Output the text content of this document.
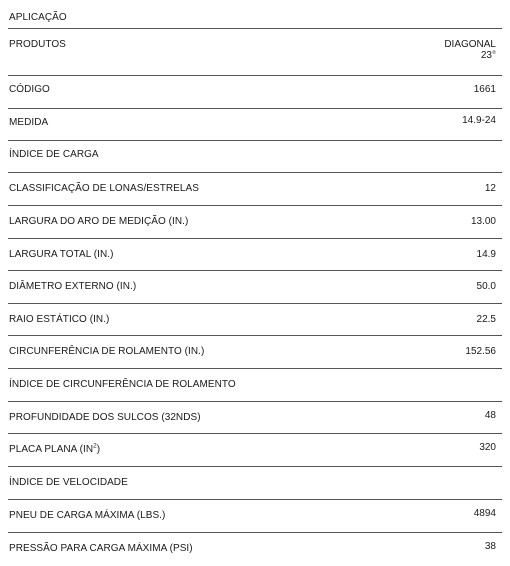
APLICAÇÃO
PRODUTOS	DIAGONAL
23°
CÓDIGO	1661
MEDIDA	14.9-24
ÍNDICE DE CARGA
CLASSIFICAÇÃO DE LONAS/ESTRELAS	12
LARGURA DO ARO DE MEDIÇÃO (IN.)	13.00
LARGURA TOTAL (IN.)	14.9
DIÂMETRO EXTERNO (IN.)	50.0
RAIO ESTÁTICO (IN.)	22.5
CIRCUNFERÊNCIA DE ROLAMENTO (IN.)	152.56
ÍNDICE DE CIRCUNFERÊNCIA DE ROLAMENTO
PROFUNDIDADE DOS SULCOS (32NDS)	48
PLACA PLANA $(IN^2)$	320
ÍNDICE DE VELOCIDADE
PNEU DE CARGA MÁXIMA (LBS.)	4894
PRESSÃO PARA CARGA MÁXIMA (PSI)	38
